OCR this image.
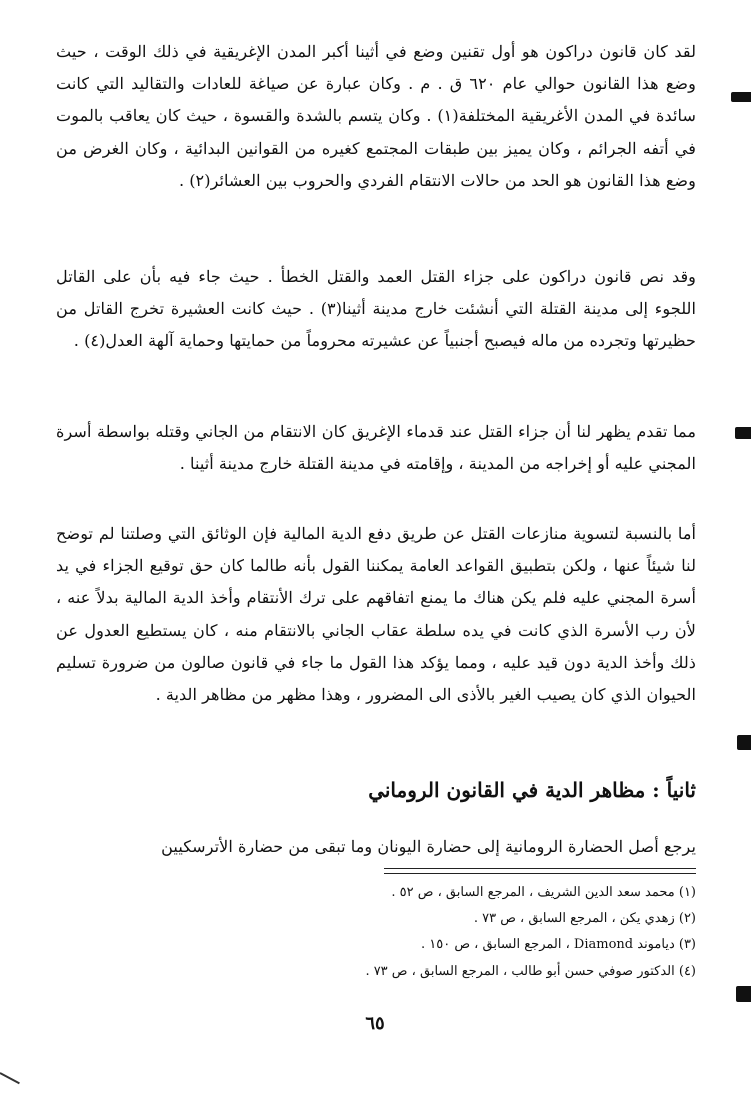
لقد كان قانون دراكون هو أول تقنين وضع في أثينا أكبر المدن الإغريقية في ذلك الوقت ، حيث وضع هذا القانون حوالي عام ٦٢٠ ق . م . وكان عبارة عن صياغة للعادات والتقاليد التي كانت سائدة في المدن الأغريقية المختلفة(١) . وكان يتسم بالشدة والقسوة ، حيث كان يعاقب بالموت في أتفه الجرائم ، وكان يميز بين طبقات المجتمع كغيره من القوانين البدائية ، وكان الغرض من وضع هذا القانون هو الحد من حالات الانتقام الفردي والحروب بين العشائر(٢) .

وقد نص قانون دراكون على جزاء القتل العمد والقتل الخطأ . حيث جاء فيه بأن على القاتل اللجوء إلى مدينة القتلة التي أنشئت خارج مدينة أثينا(٣) . حيث كانت العشيرة تخرج القاتل من حظيرتها وتجرده من ماله فيصبح أجنبياً عن عشيرته محروماً من حمايتها وحماية آلهة العدل(٤) .

مما تقدم يظهر لنا أن جزاء القتل عند قدماء الإغريق كان الانتقام من الجاني وقتله بواسطة أسرة المجني عليه أو إخراجه من المدينة ، وإقامته في مدينة القتلة خارج مدينة أثينا .

أما بالنسبة لتسوية منازعات القتل عن طريق دفع الدية المالية فإن الوثائق التي وصلتنا لم توضح لنا شيئاً عنها ، ولكن بتطبيق القواعد العامة يمكننا القول بأنه طالما كان حق توقيع الجزاء في يد أسرة المجني عليه فلم يكن هناك ما يمنع اتفاقهم على ترك الأنتقام وأخذ الدية المالية بدلاً عنه ، لأن رب الأسرة الذي كانت في يده سلطة عقاب الجاني بالانتقام منه ، كان يستطيع العدول عن ذلك وأخذ الدية دون قيد عليه ، ومما يؤكد هذا القول ما جاء في قانون صالون من ضرورة تسليم الحيوان الذي كان يصيب الغير بالأذى الى المضرور ، وهذا مظهر من مظاهر الدية .

ثانياً : مظاهر الدية في القانون الروماني

يرجع أصل الحضارة الرومانية إلى حضارة اليونان وما تبقى من حضارة الأترسكيين

(١) محمد سعد الدين الشريف ، المرجع السابق ، ص ٥٢ .
(٢) زهدي يكن ، المرجع السابق ، ص ٧٣ .
(٣) دياموند Diamond ، المرجع السابق ، ص ١٥٠ .
(٤) الدكتور صوفي حسن أبو طالب ، المرجع السابق ، ص ٧٣ .
٦٥
